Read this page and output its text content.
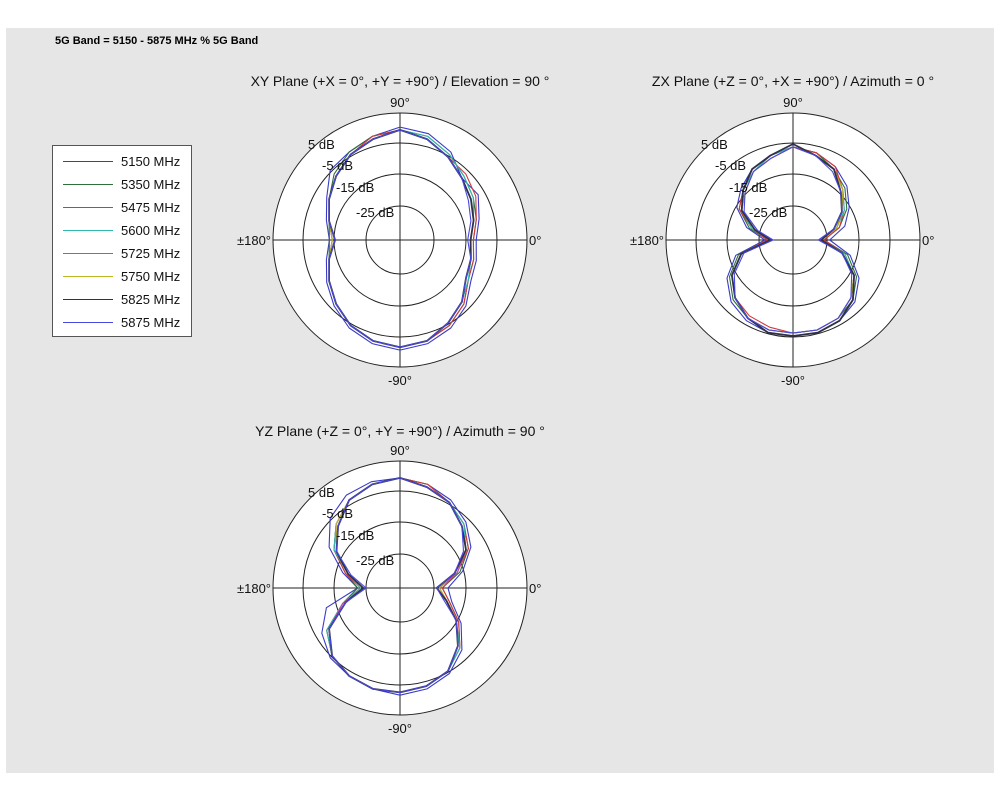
5G Band = 5150 - 5875 MHz % 5G Band
XY Plane (+X = 0°, +Y = +90°) / Elevation = 90 °	ZX Plane (+Z = 0°, +X = +90°) / Azimuth = 0 °
YZ Plane (+Z = 0°, +Y = +90°) / Azimuth = 90 °
90°
-90°
±180°	0°
5 dB
-5 dB
-15 dB
-25 dB
90°
-90°
±180°	0°
5 dB
-5 dB
-15 dB
-25 dB
90°
-90°
±180°	0°
5 dB
-5 dB
-15 dB
-25 dB
5150 MHz
5350 MHz
5475 MHz
5600 MHz
5725 MHz
5750 MHz
5825 MHz
5875 MHz
